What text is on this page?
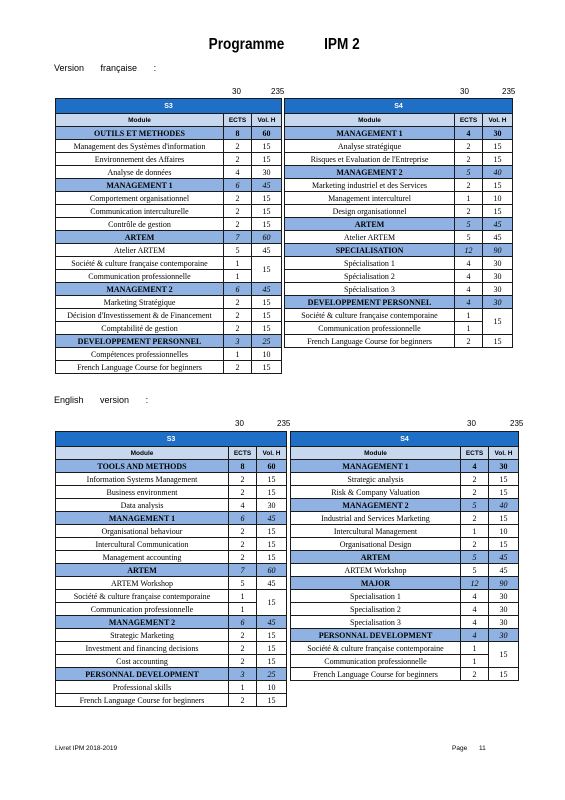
Programme	IPM 2
Version française :
30	235	30	235
S3		
Module	ECTS	Vol. H
OUTILS ET METHODES	8	60
Management des Systèmes d'information	2	15
Environnement des Affaires	2	15
Analyse de données	4	30
MANAGEMENT 1	6	45
Comportement organisationnel	2	15
Communication interculturelle	2	15
Contrôle de gestion	2	15
ARTEM	7	60
Atelier ARTEM	5	45
Société & culture française contemporaine	1	15
Communication professionnelle	1	
MANAGEMENT 2	6	45
Marketing Stratégique	2	15
Décision d'Investissement & de Financement	2	15
Comptabilité de gestion	2	15
DEVELOPPEMENT PERSONNEL	3	25
Compétences professionnelles	1	10
French Language Course for beginners	2	15
S4		
Module	ECTS	Vol. H
MANAGEMENT 1	4	30
Analyse stratégique	2	15
Risques et Evaluation de l'Entreprise	2	15
MANAGEMENT 2	5	40
Marketing industriel et des Services	2	15
Management interculturel	1	10
Design organisationnel	2	15
ARTEM	5	45
Atelier ARTEM	5	45
SPECIALISATION	12	90
Spécialisation 1	4	30
Spécialisation 2	4	30
Spécialisation 3	4	30
DEVELOPPEMENT PERSONNEL	4	30
Société & culture française contemporaine	1	15
Communication professionnelle	1	
French Language Course for beginners	2	15
English version :
30	235	30	235
S3		
Module	ECTS	Vol. H
TOOLS AND METHODS	8	60
Information Systems Management	2	15
Business environment	2	15
Data analysis	4	30
MANAGEMENT 1	6	45
Organisational behaviour	2	15
Intercultural Communication	2	15
Management accounting	2	15
ARTEM	7	60
ARTEM Workshop	5	45
Société & culture française contemporaine	1	15
Communication professionnelle	1	
MANAGEMENT 2	6	45
Strategic Marketing	2	15
Investment and financing decisions	2	15
Cost accounting	2	15
PERSONNAL DEVELOPMENT	3	25
Professional skills	1	10
French Language Course for beginners	2	15
S4		
Module	ECTS	Vol. H
MANAGEMENT 1	4	30
Strategic analysis	2	15
Risk & Company Valuation	2	15
MANAGEMENT 2	5	40
Industrial and Services Marketing	2	15
Intercultural Management	1	10
Organisational Design	2	15
ARTEM	5	45
ARTEM Workshop	5	45
MAJOR	12	90
Specialisation 1	4	30
Specialisation 2	4	30
Specialisation 3	4	30
PERSONNAL DEVELOPMENT	4	30
Société & culture française contemporaine	1	15
Communication professionnelle	1	
French Language Course for beginners	2	15
Livret IPM 2018-2019	Page 11
